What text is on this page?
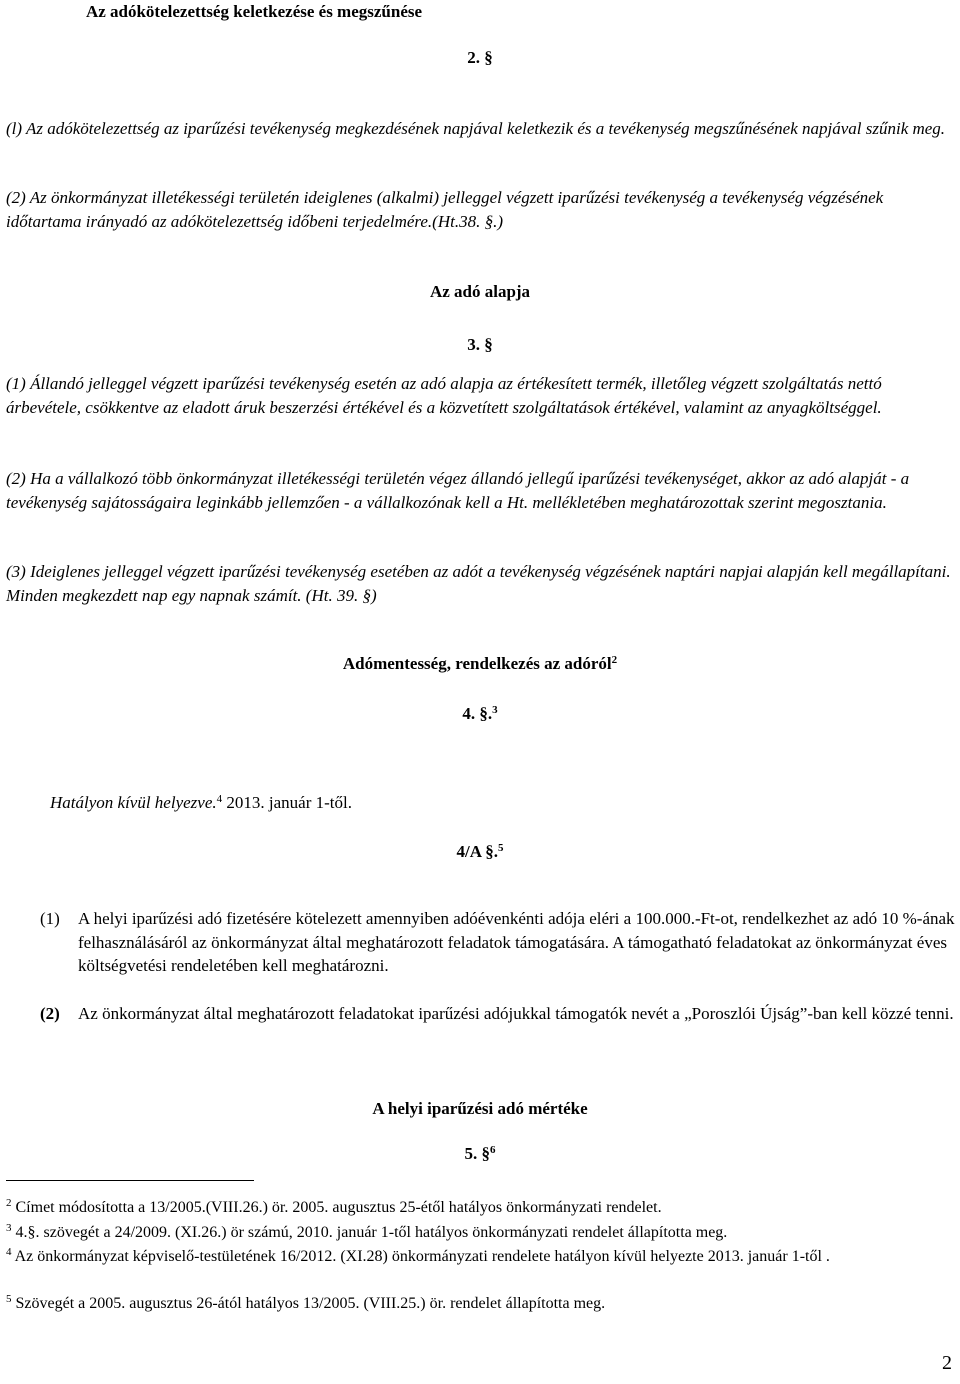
Az adókötelezettség keletkezése és megszűnése
2. §
(l) Az adókötelezettség az iparűzési tevékenység megkezdésének napjával keletkezik és a tevékenység megszűnésének napjával szűnik meg.
(2) Az önkormányzat illetékességi területén ideiglenes (alkalmi) jelleggel végzett iparűzési tevékenység a tevékenység végzésének időtartama irányadó az adókötelezettség időbeni terjedelmére.(Ht.38. §.)
Az adó alapja
3. §
(1) Állandó jelleggel végzett iparűzési tevékenység esetén az adó alapja az értékesített termék, illetőleg végzett szolgáltatás nettó árbevétele, csökkentve az eladott áruk beszerzési értékével és a közvetített szolgáltatások értékével, valamint az anyagköltséggel.
(2) Ha a vállalkozó több önkormányzat illetékességi területén végez állandó jellegű iparűzési tevékenységet, akkor az adó alapját - a tevékenység sajátosságaira leginkább jellemzően - a vállalkozónak kell a Ht. mellékletében meghatározottak szerint megosztania.
(3) Ideiglenes jelleggel végzett iparűzési tevékenység esetében az adót a tevékenység végzésének naptári napjai alapján kell megállapítani. Minden megkezdett nap egy napnak számít. (Ht. 39. §)
Adómentesség, rendelkezés az adóról$^2$
4. §.$^3$
Hatályon kívül helyezve.$^4$ 2013. január 1-től.
4/A §.$^5$
(1) A helyi iparűzési adó fizetésére kötelezett amennyiben adóévenkénti adója eléri a 100.000.-Ft-ot, rendelkezhet az adó 10 %-ának felhasználásáról az önkormányzat által meghatározott feladatok támogatására. A támogatható feladatokat az önkormányzat éves költségvetési rendeletében kell meghatározni.
(2) Az önkormányzat által meghatározott feladatokat iparűzési adójukkal támogatók nevét a „Poroszlói Újság”-ban kell közzé tenni.
A helyi iparűzési adó mértéke
5. §$^6$
$^2$ Címet módosította a 13/2005.(VIII.26.) ör. 2005. augusztus 25-étől hatályos önkormányzati rendelet.
$^3$ 4.§. szövegét a 24/2009. (XI.26.) ör számú, 2010. január 1-től hatályos önkormányzati rendelet állapította meg.
$^4$ Az önkormányzat képviselő-testületének 16/2012. (XI.28) önkormányzati rendelete hatályon kívül helyezte 2013. január 1-től .
$^5$ Szövegét a 2005. augusztus 26-ától hatályos 13/2005. (VIII.25.) ör. rendelet állapította meg.
2
